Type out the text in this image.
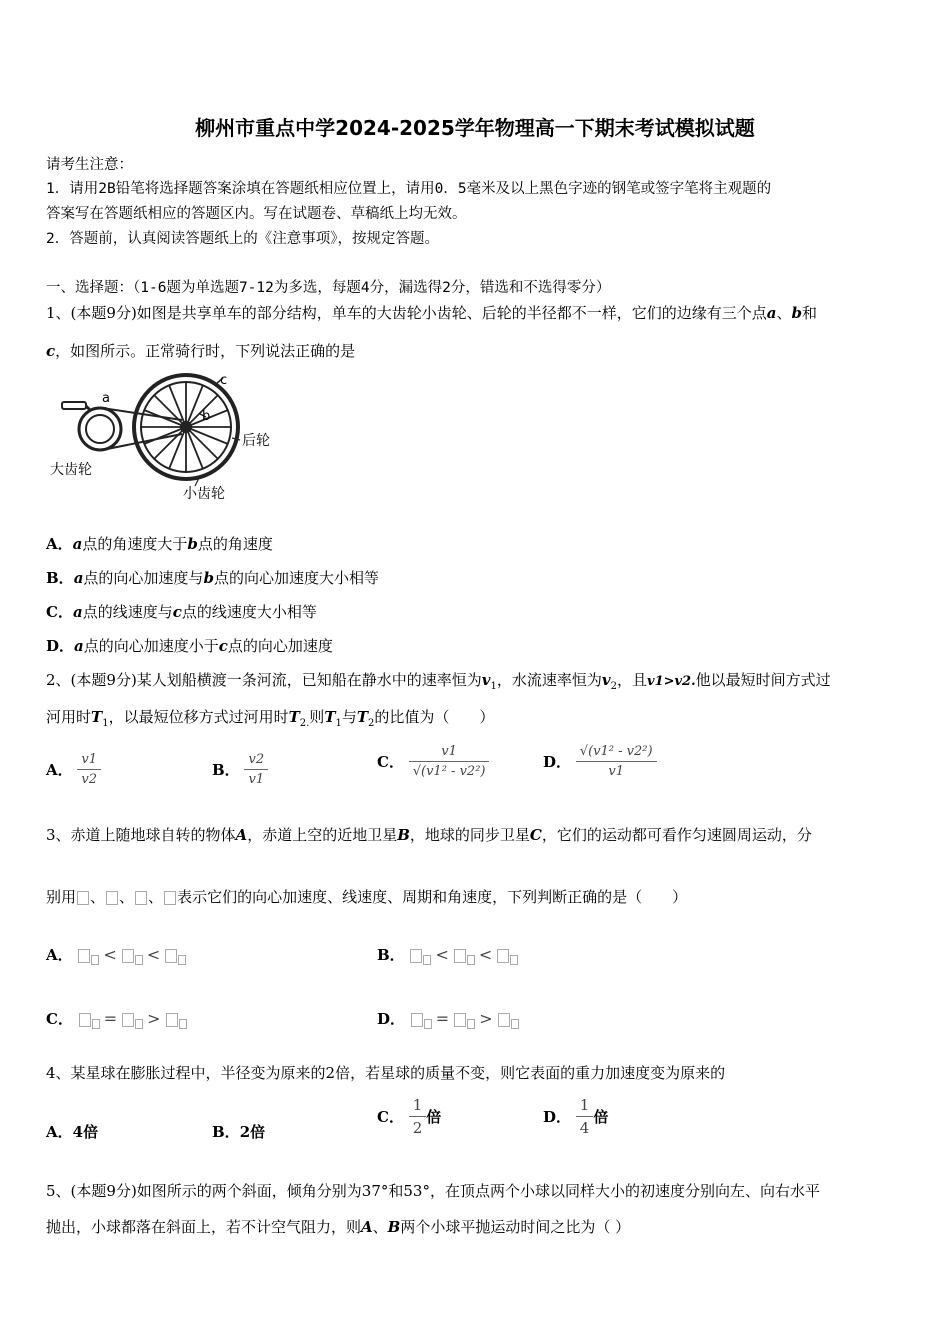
柳州市重点中学2024-2025学年物理高一下期末考试模拟试题
请考生注意：
1．请用2B铅笔将选择题答案涂填在答题纸相应位置上，请用0．5毫米及以上黑色字迹的钢笔或签字笔将主观题的
答案写在答题纸相应的答题区内。写在试题卷、草稿纸上均无效。
2．答题前，认真阅读答题纸上的《注意事项》，按规定答题。
一、选择题：（1-6题为单选题7-12为多选，每题4分，漏选得2分，错选和不选得零分）
1、(本题9分)如图是共享单车的部分结构，单车的大齿轮小齿轮、后轮的半径都不一样，它们的边缘有三个点a、b和
c，如图所示。正常骑行时，下列说法正确的是
a
b
c
后轮
大齿轮
小齿轮
A．a点的角速度大于b点的角速度
B．a点的向心加速度与b点的向心加速度大小相等
C．a点的线速度与c点的线速度大小相等
D．a点的向心加速度小于c点的向心加速度
2、(本题9分)某人划船横渡一条河流，已知船在静水中的速率恒为$v_1$，水流速率恒为$v_2$，且v1>v2.他以最短时间方式过
河用时$T_1$，以最短位移方式过河用时$T_{2.}$则$T_1$与$T_2$的比值为（　　）
A． $\frac{v1}{v2}$	B． $\frac{v2}{v1}$	C． $\frac{v1}{\text{√(v1² - v2²)}}$	D． $\frac{\text{√(v1² - v2²)}}{v1}$
3、赤道上随地球自转的物体A，赤道上空的近地卫星B，地球的同步卫星C，它们的运动都可看作匀速圆周运动，分
别用 、 、 、 表示它们的向心加速度、线速度、周期和角速度，下列判断正确的是（　　）
A． < <	B． < <
C． = >	D． = >
4、某星球在膨胀过程中，半径变为原来的2倍，若星球的质量不变，则它表面的重力加速度变为原来的
A．4倍	B．2倍
C． $\frac{1}{2}$ 倍	D． $\frac{1}{4}$ 倍
5、(本题9分)如图所示的两个斜面，倾角分别为37°和53°，在顶点两个小球以同样大小的初速度分别向左、向右水平
抛出，小球都落在斜面上，若不计空气阻力，则A、B两个小球平抛运动时间之比为（ ）
